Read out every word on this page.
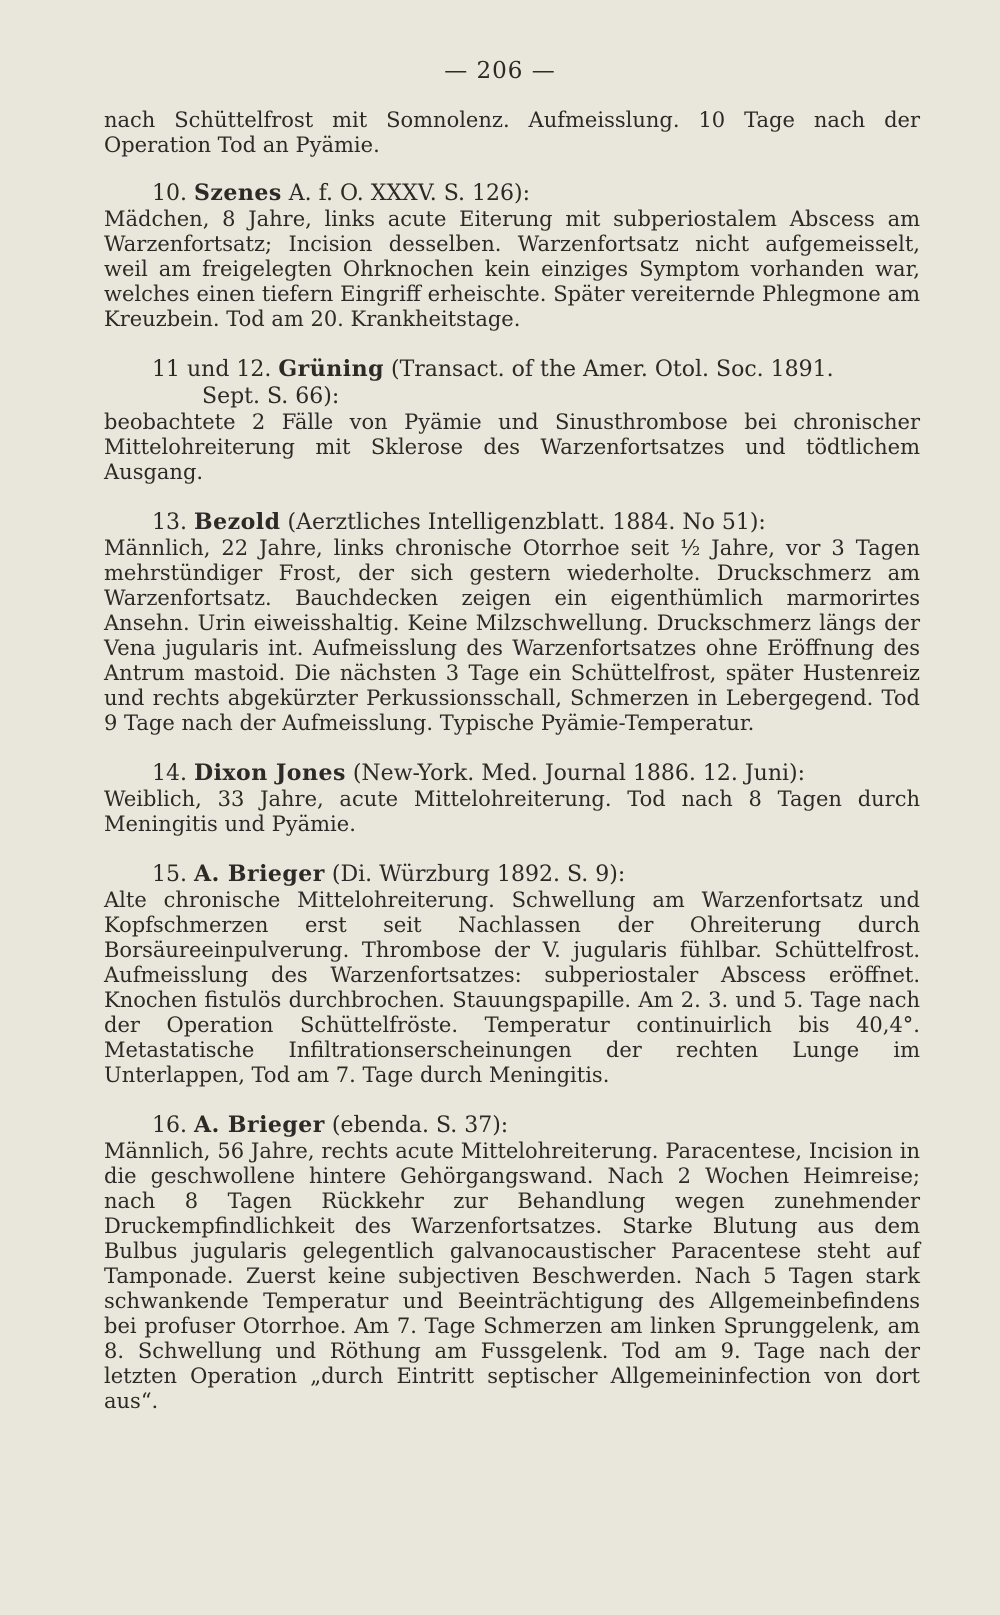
— 206 —

nach Schüttelfrost mit Somnolenz. Aufmeisslung. 10 Tage nach der Operation Tod an Pyämie.

10. Szenes A. f. O. XXXV. S. 126):

Mädchen, 8 Jahre, links acute Eiterung mit subperiostalem Abscess am Warzenfortsatz; Incision desselben. Warzenfortsatz nicht aufgemeisselt, weil am freigelegten Ohrknochen kein einziges Symptom vorhanden war, welches einen tiefern Eingriff erheischte. Später vereiternde Phlegmone am Kreuzbein. Tod am 20. Krankheitstage.

11 und 12. Grüning (Transact. of the Amer. Otol. Soc. 1891.

Sept. S. 66):

beobachtete 2 Fälle von Pyämie und Sinusthrombose bei chronischer Mittelohreiterung mit Sklerose des Warzenfortsatzes und tödtlichem Ausgang.

13. Bezold (Aerztliches Intelligenzblatt. 1884. No 51):

Männlich, 22 Jahre, links chronische Otorrhoe seit ½ Jahre, vor 3 Tagen mehrstündiger Frost, der sich gestern wiederholte. Druckschmerz am Warzenfortsatz. Bauchdecken zeigen ein eigenthümlich marmorirtes Ansehn. Urin eiweisshaltig. Keine Milzschwellung. Druckschmerz längs der Vena jugularis int. Aufmeisslung des Warzenfortsatzes ohne Eröffnung des Antrum mastoid. Die nächsten 3 Tage ein Schüttelfrost, später Hustenreiz und rechts abgekürzter Perkussionsschall, Schmerzen in Lebergegend. Tod 9 Tage nach der Aufmeisslung. Typische Pyämie-Temperatur.

14. Dixon Jones (New-York. Med. Journal 1886. 12. Juni):

Weiblich, 33 Jahre, acute Mittelohreiterung. Tod nach 8 Tagen durch Meningitis und Pyämie.

15. A. Brieger (Di. Würzburg 1892. S. 9):

Alte chronische Mittelohreiterung. Schwellung am Warzenfortsatz und Kopfschmerzen erst seit Nachlassen der Ohreiterung durch Borsäureeinpulverung. Thrombose der V. jugularis fühlbar. Schüttelfrost. Aufmeisslung des Warzenfortsatzes: subperiostaler Abscess eröffnet. Knochen fistulös durchbrochen. Stauungspapille. Am 2. 3. und 5. Tage nach der Operation Schüttelfröste. Temperatur continuirlich bis 40,4°. Metastatische Infiltrationserscheinungen der rechten Lunge im Unterlappen, Tod am 7. Tage durch Meningitis.

16. A. Brieger (ebenda. S. 37):

Männlich, 56 Jahre, rechts acute Mittelohreiterung. Paracentese, Incision in die geschwollene hintere Gehörgangswand. Nach 2 Wochen Heimreise; nach 8 Tagen Rückkehr zur Behandlung wegen zunehmender Druckempfindlichkeit des Warzenfortsatzes. Starke Blutung aus dem Bulbus jugularis gelegentlich galvanocaustischer Paracentese steht auf Tamponade. Zuerst keine subjectiven Beschwerden. Nach 5 Tagen stark schwankende Temperatur und Beeinträchtigung des Allgemeinbefindens bei profuser Otorrhoe. Am 7. Tage Schmerzen am linken Sprunggelenk, am 8. Schwellung und Röthung am Fussgelenk. Tod am 9. Tage nach der letzten Operation „durch Eintritt septischer Allgemeininfection von dort aus“.
